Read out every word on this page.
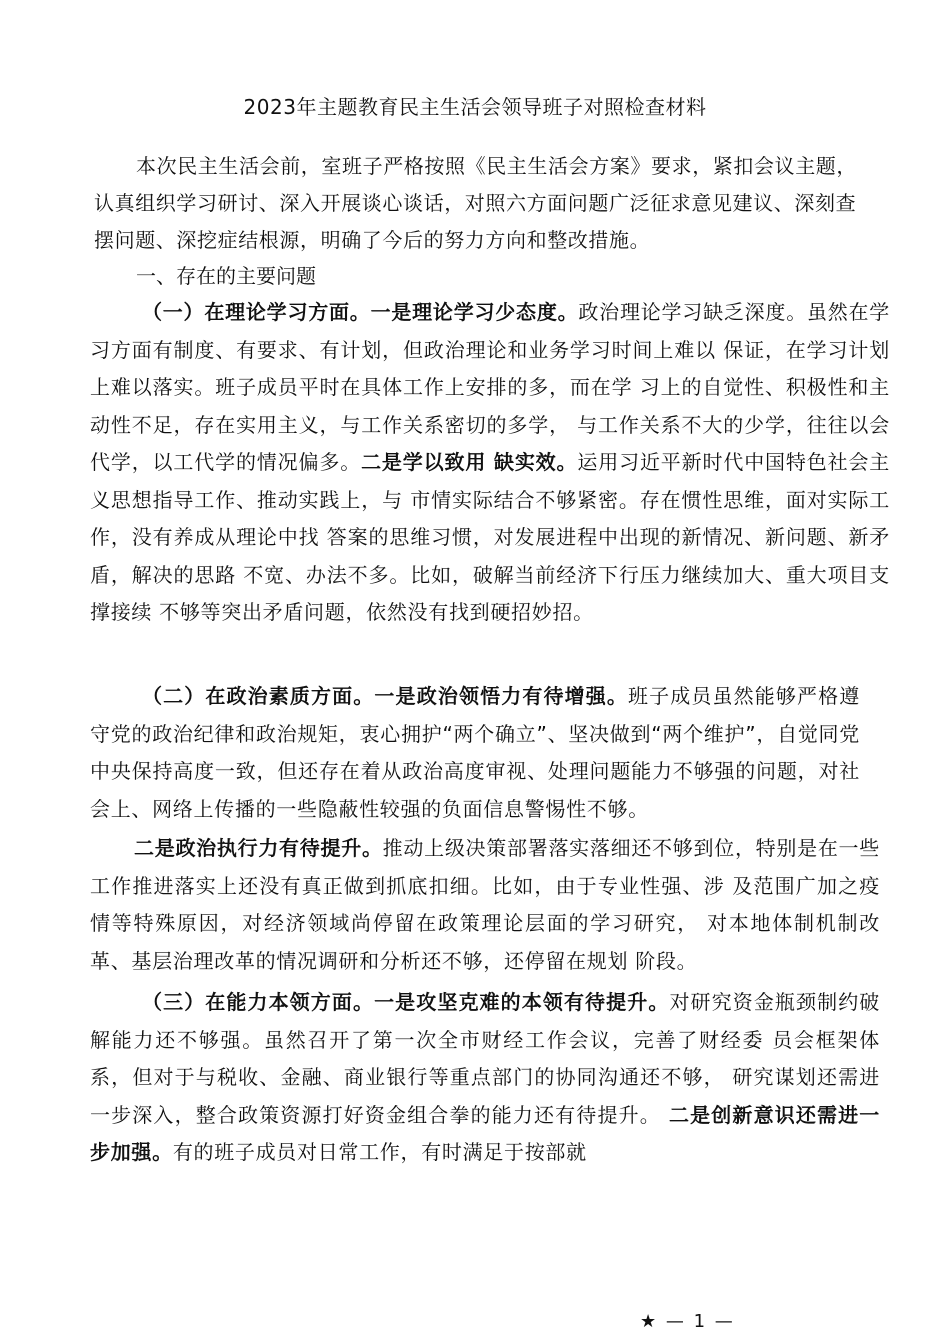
2023年主题教育民主生活会领导班子对照检查材料

本次民主生活会前，室班子严格按照《民主生活会方案》要求，紧扣会议主题，认真组织学习研讨、深入开展谈心谈话，对照六方面问题广泛征求意见建议、深刻查摆问题、深挖症结根源，明确了今后的努力方向和整改措施。

一、存在的主要问题

（一）在理论学习方面。一是理论学习少态度。政治理论学习缺乏深度。虽然在学习方面有制度、有要求、有计划，但政治理论和业务学习时间上难以 保证，在学习计划上难以落实。班子成员平时在具体工作上安排的多，而在学 习上的自觉性、积极性和主动性不足，存在实用主义，与工作关系密切的多学， 与工作关系不大的少学，往往以会代学，以工代学的情况偏多。二是学以致用 缺实效。运用习近平新时代中国特色社会主义思想指导工作、推动实践上，与 市情实际结合不够紧密。存在惯性思维，面对实际工作，没有养成从理论中找 答案的思维习惯，对发展进程中出现的新情况、新问题、新矛盾，解决的思路 不宽、办法不多。比如，破解当前经济下行压力继续加大、重大项目支撑接续 不够等突出矛盾问题，依然没有找到硬招妙招。

（二）在政治素质方面。一是政治领悟力有待增强。班子成员虽然能够严格遵守党的政治纪律和政治规矩，衷心拥护“两个确立”、坚决做到“两个维护”，自觉同党中央保持高度一致，但还存在着从政治高度审视、处理问题能力不够强的问题，对社会上、网络上传播的一些隐蔽性较强的负面信息警惕性不够。

二是政治执行力有待提升。推动上级决策部署落实落细还不够到位，特别是在一些工作推进落实上还没有真正做到抓底扣细。比如，由于专业性强、涉 及范围广加之疫情等特殊原因，对经济领域尚停留在政策理论层面的学习研究， 对本地体制机制改革、基层治理改革的情况调研和分析还不够，还停留在规划 阶段。

（三）在能力本领方面。一是攻坚克难的本领有待提升。对研究资金瓶颈制约破解能力还不够强。虽然召开了第一次全市财经工作会议，完善了财经委 员会框架体系，但对于与税收、金融、商业银行等重点部门的协同沟通还不够， 研究谋划还需进一步深入，整合政策资源打好资金组合拳的能力还有待提升。 二是创新意识还需进一步加强。有的班子成员对日常工作，有时满足于按部就

★ — 1 —
